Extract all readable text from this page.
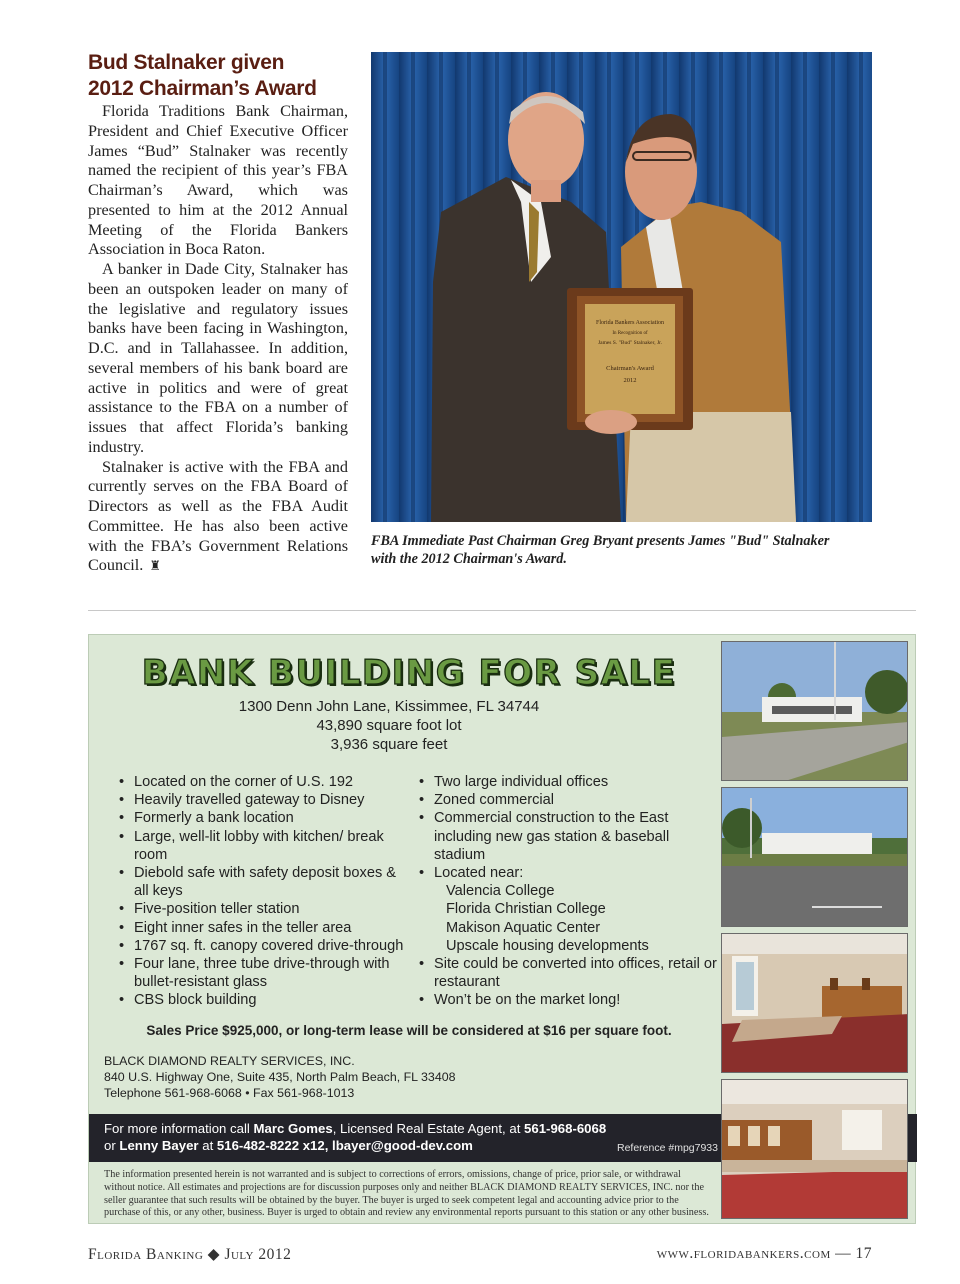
Bud Stalnaker given
2012 Chairman’s Award

Florida Traditions Bank Chairman, President and Chief Executive Officer James “Bud” Stalnaker was recently named the recipient of this year’s FBA Chairman’s Award, which was presented to him at the 2012 Annual Meeting of the Florida Bankers Association in Boca Raton.

A banker in Dade City, Stalnaker has been an outspoken leader on many of the legislative and regulatory issues banks have been facing in Washington, D.C. and in Tallahassee. In addition, several members of his bank board are active in politics and were of great assistance to the FBA on a number of issues that affect Florida’s banking industry.

Stalnaker is active with the FBA and currently serves on the FBA Board of Directors as well as the FBA Audit Committee. He has also been active with the FBA’s Government Relations Council. ♜

Florida Bankers Association
In Recognition of
James S. "Bud" Stalnaker, Jr.
Chairman's Award
2012

FBA Immediate Past Chairman Greg Bryant presents James "Bud" Stalnaker with the 2012 Chairman's Award.

BANK BUILDING FOR SALE
1300 Denn John Lane, Kissimmee, FL 34744
43,890 square foot lot
3,936 square feet
• Located on the corner of U.S. 192
• Heavily travelled gateway to Disney
• Formerly a bank location
• Large, well-lit lobby with kitchen/ break room
• Diebold safe with safety deposit boxes & all keys
• Five-position teller station
• Eight inner safes in the teller area
• 1767 sq. ft. canopy covered drive-through
• Four lane, three tube drive-through with bullet-resistant glass
• CBS block building
• Two large individual offices
• Zoned commercial
• Commercial construction to the East including new gas station & baseball stadium
• Located near:
Valencia College
Florida Christian College
Makison Aquatic Center
Upscale housing developments
• Site could be converted into offices, retail or restaurant
• Won’t be on the market long!
Sales Price $925,000, or long-term lease will be considered at $16 per square foot.
BLACK DIAMOND REALTY SERVICES, INC.
840 U.S. Highway One, Suite 435, North Palm Beach, FL 33408
Telephone 561-968-6068 • Fax 561-968-1013
For more information call Marc Gomes, Licensed Real Estate Agent, at 561-968-6068
or Lenny Bayer at 516-482-8222 x12, lbayer@good-dev.com	Reference #mpg7933

The information presented herein is not warranted and is subject to corrections of errors, omissions, change of price, prior sale, or withdrawal without notice. All estimates and projections are for discussion purposes only and neither BLACK DIAMOND REALTY SERVICES, INC. nor the seller guarantee that such results will be obtained by the buyer. The buyer is urged to seek competent legal and accounting advice prior to the purchase of this, or any other, business. Buyer is urged to obtain and review any environmental reports pursuant to this station or any other business.

Florida Banking ◆ July 2012	www.floridabankers.com — 17
